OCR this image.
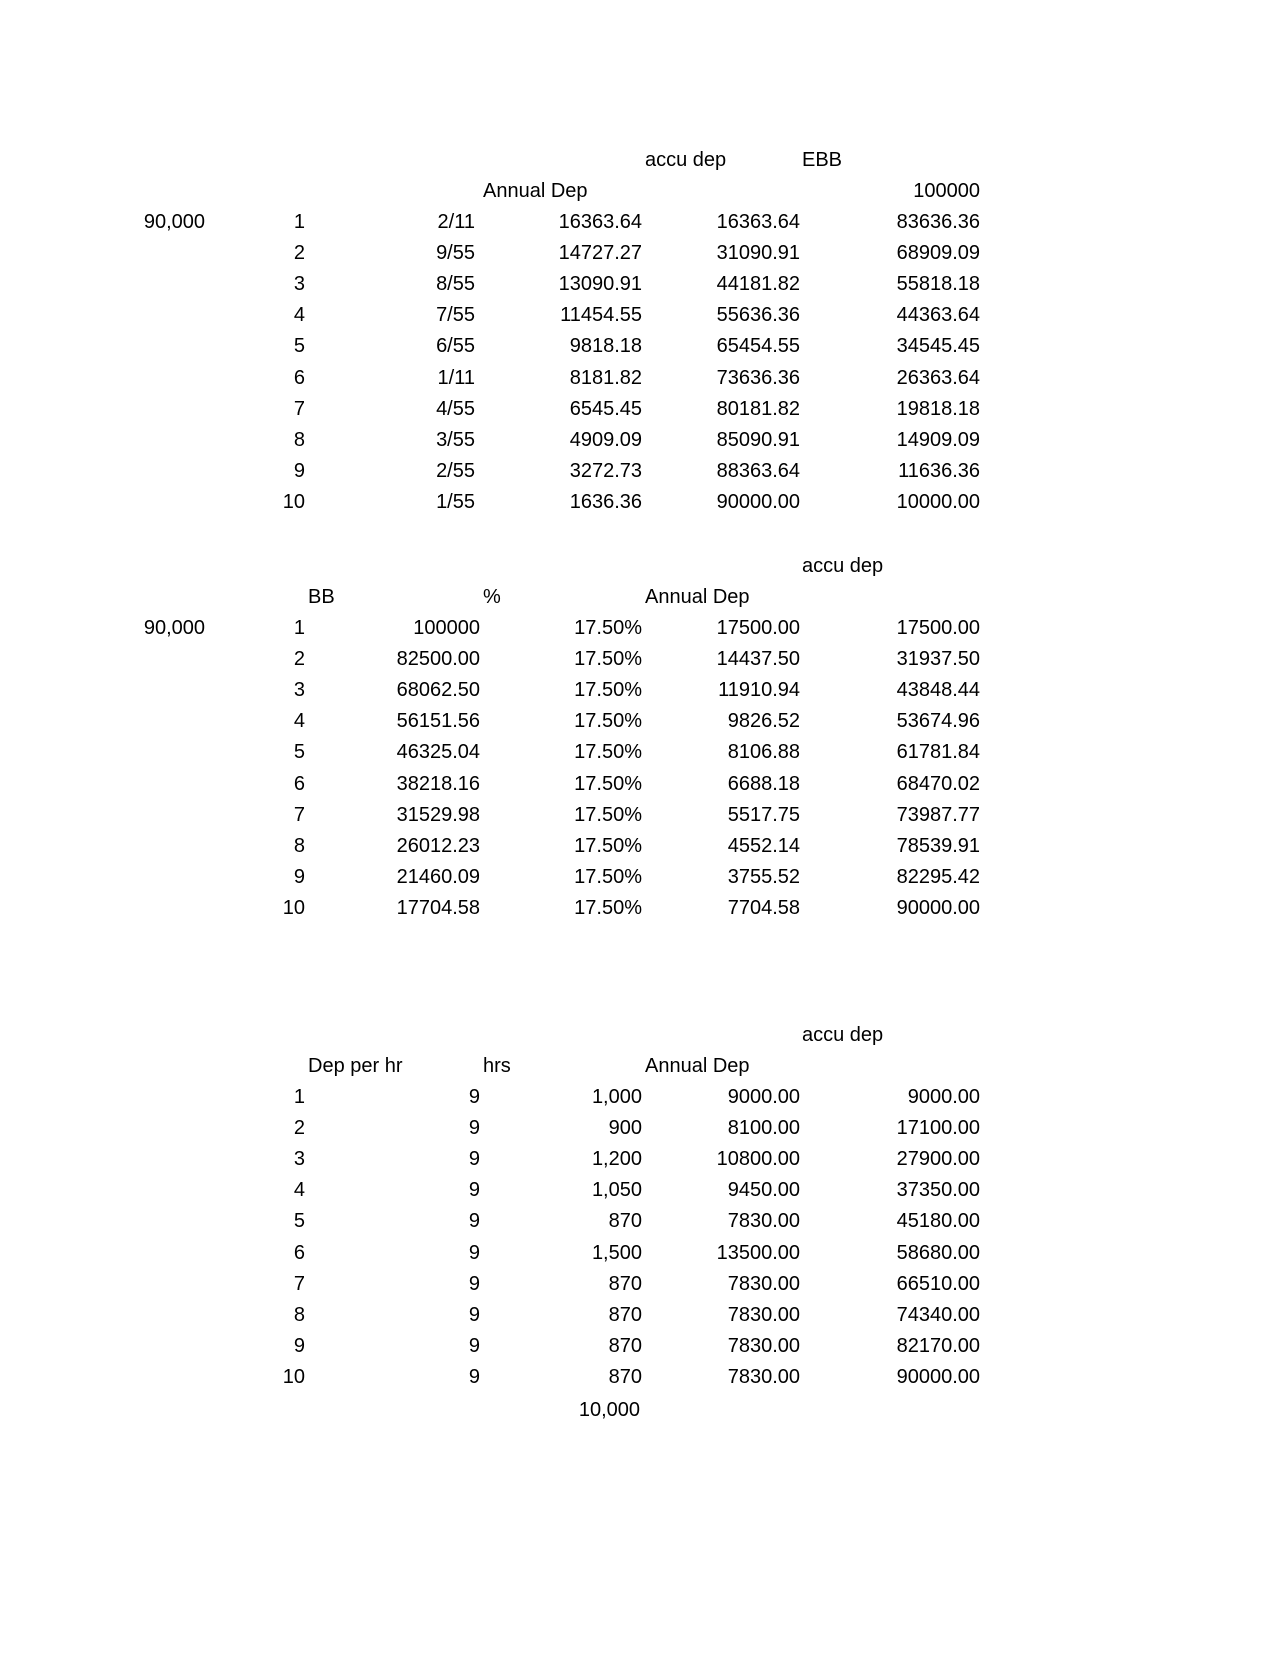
accu dep	EBB
Annual Dep	100000
90,000	1	2/11	16363.64	16363.64	83636.36
2	9/55	14727.27	31090.91	68909.09
3	8/55	13090.91	44181.82	55818.18
4	7/55	11454.55	55636.36	44363.64
5	6/55	9818.18	65454.55	34545.45
6	1/11	8181.82	73636.36	26363.64
7	4/55	6545.45	80181.82	19818.18
8	3/55	4909.09	85090.91	14909.09
9	2/55	3272.73	88363.64	11636.36
10	1/55	1636.36	90000.00	10000.00
accu dep
BB	%	Annual Dep
90,000	1	100000	17.50%	17500.00	17500.00
2	82500.00	17.50%	14437.50	31937.50
3	68062.50	17.50%	11910.94	43848.44
4	56151.56	17.50%	9826.52	53674.96
5	46325.04	17.50%	8106.88	61781.84
6	38218.16	17.50%	6688.18	68470.02
7	31529.98	17.50%	5517.75	73987.77
8	26012.23	17.50%	4552.14	78539.91
9	21460.09	17.50%	3755.52	82295.42
10	17704.58	17.50%	7704.58	90000.00
accu dep
Dep per hr	hrs	Annual Dep
1	9	1,000	9000.00	9000.00
2	9	900	8100.00	17100.00
3	9	1,200	10800.00	27900.00
4	9	1,050	9450.00	37350.00
5	9	870	7830.00	45180.00
6	9	1,500	13500.00	58680.00
7	9	870	7830.00	66510.00
8	9	870	7830.00	74340.00
9	9	870	7830.00	82170.00
10	9	870	7830.00	90000.00
10,000
